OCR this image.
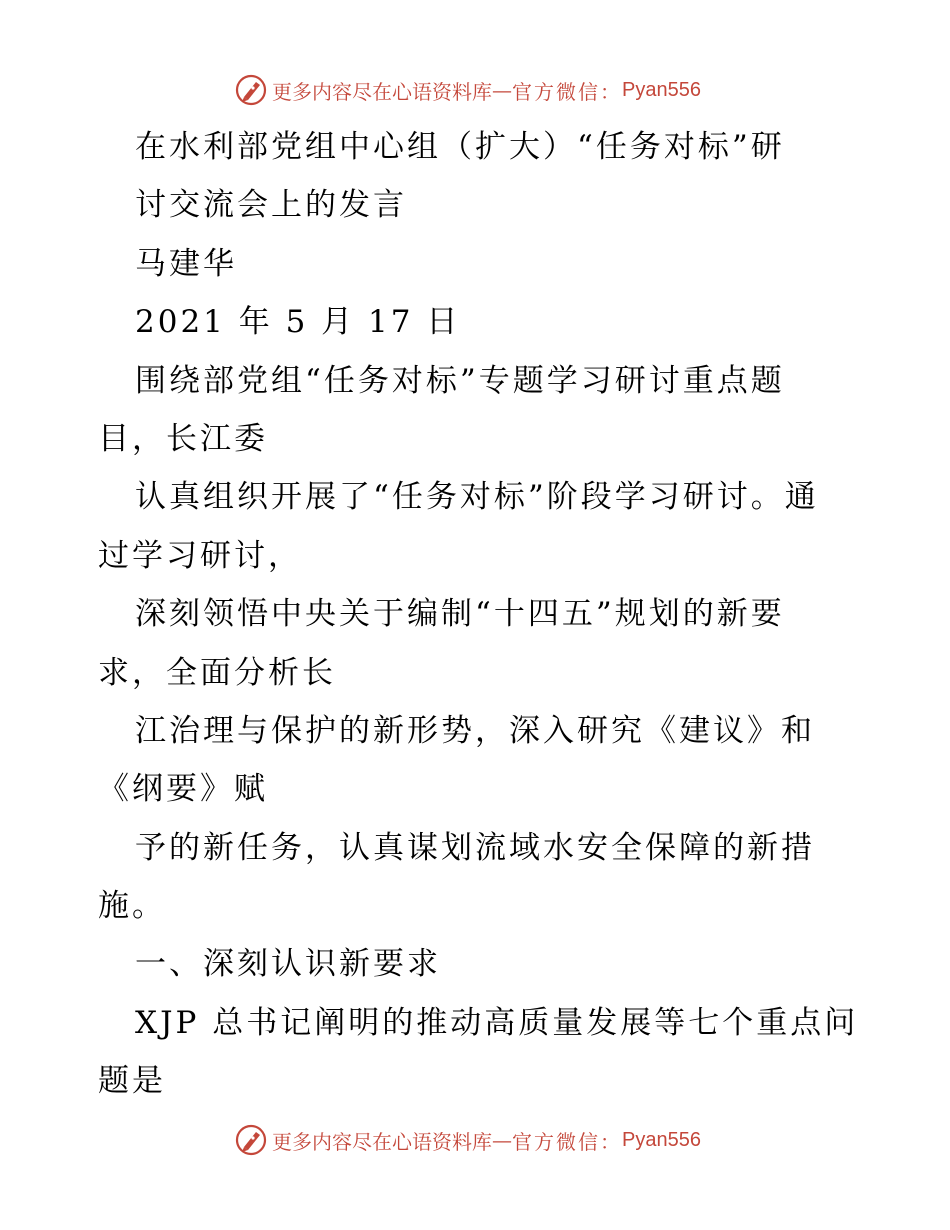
更多内容尽在心语资料库 — 官方微信： Pyan556
在水利部党组中心组（扩大）“任务对标”研
讨交流会上的发言
马建华
2021 年 5 月 17 日
围绕部党组“任务对标”专题学习研讨重点题
目，长江委
认真组织开展了“任务对标”阶段学习研讨。通
过学习研讨，
深刻领悟中央关于编制“十四五”规划的新要
求，全面分析长
江治理与保护的新形势，深入研究《建议》和
《纲要》赋
予的新任务，认真谋划流域水安全保障的新措
施。
一、深刻认识新要求
XJP 总书记阐明的推动高质量发展等七个重点问
题是
更多内容尽在心语资料库 — 官方微信： Pyan556
